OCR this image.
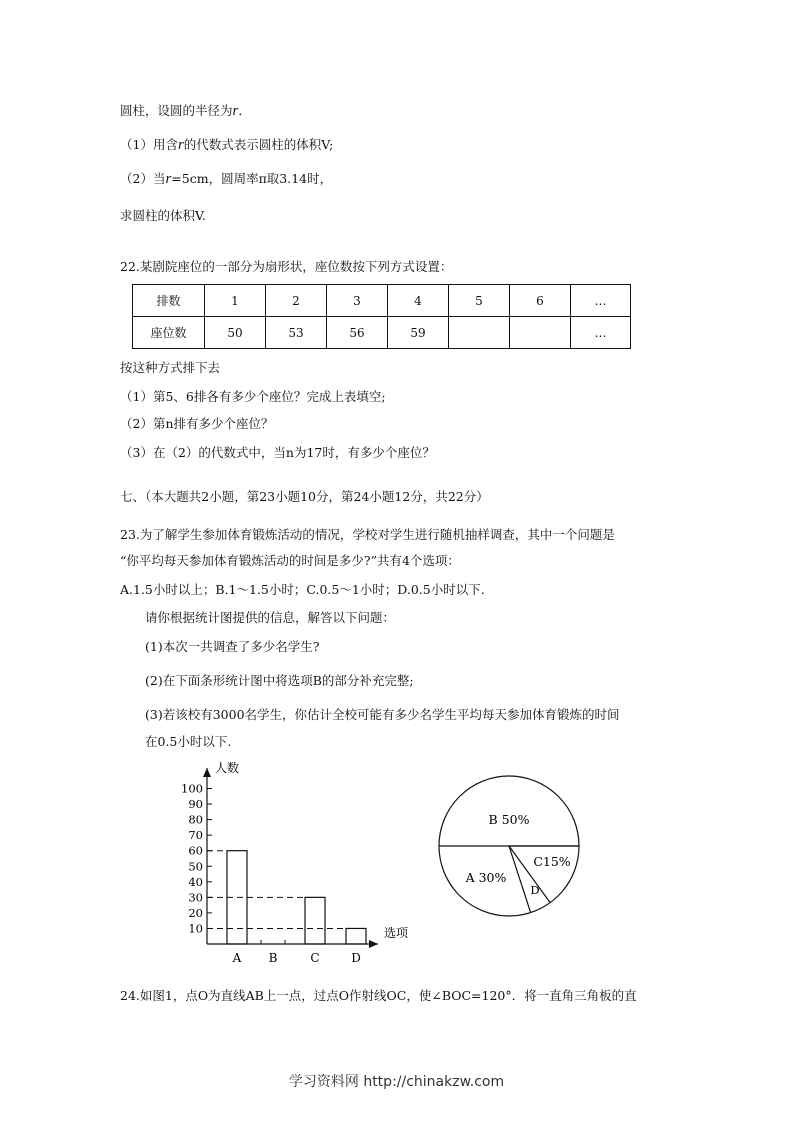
圆柱，设圆的半径为r．
（1）用含r的代数式表示圆柱的体积V;
（2）当r=5cm，圆周率π取3.14时，
求圆柱的体积V.
22.某剧院座位的一部分为扇形状，座位数按下列方式设置：
排数	1	2	3	4	5	6	…
座位数	50	53	56	59			…
按这种方式排下去
（1）第5、6排各有多少个座位？完成上表填空;
（2）第n排有多少个座位？
（3）在（2）的代数式中，当n为17时，有多少个座位？
七、（本大题共2小题，第23小题10分，第24小题12分，共22分）
23.为了解学生参加体育锻炼活动的情况，学校对学生进行随机抽样调查，其中一个问题是
“你平均每天参加体育锻炼活动的时间是多少?”共有4个选项：
A.1.5小时以上；B.1～1.5小时；C.0.5～1小时；D.0.5小时以下.
请你根据统计图提供的信息，解答以下问题：
(1)本次一共调查了多少名学生?
(2)在下面条形统计图中将选项B的部分补充完整;
(3)若该校有3000名学生，你估计全校可能有多少名学生平均每天参加体育锻炼的时间
在0.5小时以下.
人数
选项
10
20
30
40
50
60
70
80
90
100
A B	C	D
B 50%
C15%
D
A 30%
24.如图1，点O为直线AB上一点，过点O作射线OC，使∠BOC=120°．将一直角三角板的直
学习资料网 http://chinakzw.com
